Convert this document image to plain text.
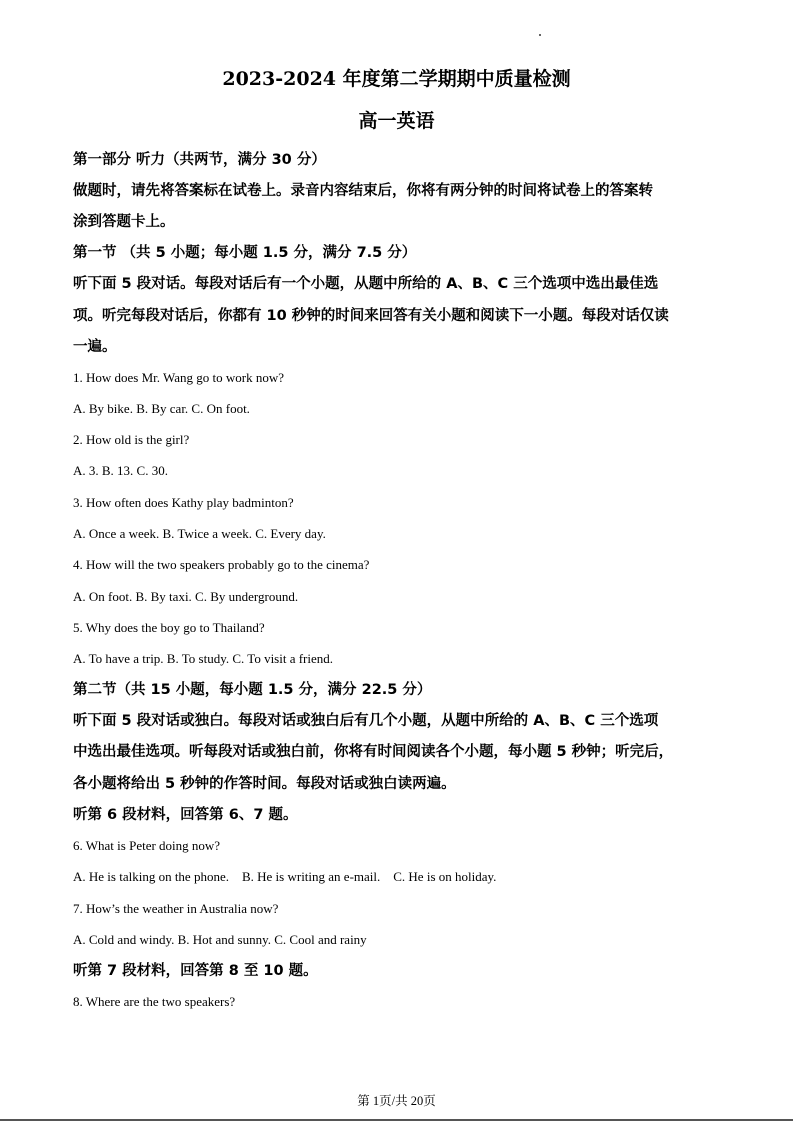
2023-2024 年度第二学期期中质量检测
高一英语
第一部分 听力（共两节，满分 30 分）
做题时，请先将答案标在试卷上。录音内容结束后，你将有两分钟的时间将试卷上的答案转
涂到答题卡上。
第一节 （共 5 小题；每小题 1.5 分，满分 7.5 分）
听下面 5 段对话。每段对话后有一个小题，从题中所给的 A、B、C 三个选项中选出最佳选
项。听完每段对话后，你都有 10 秒钟的时间来回答有关小题和阅读下一小题。每段对话仅读
一遍。
1. How does Mr. Wang go to work now?
A. By bike. B. By car. C. On foot.
2. How old is the girl?
A. 3. B. 13. C. 30.
3. How often does Kathy play badminton?
A. Once a week. B. Twice a week. C. Every day.
4. How will the two speakers probably go to the cinema?
A. On foot. B. By taxi. C. By underground.
5. Why does the boy go to Thailand?
A. To have a trip. B. To study. C. To visit a friend.
第二节（共 15 小题，每小题 1.5 分，满分 22.5 分）
听下面 5 段对话或独白。每段对话或独白后有几个小题，从题中所给的 A、B、C 三个选项
中选出最佳选项。听每段对话或独白前，你将有时间阅读各个小题，每小题 5 秒钟；听完后，
各小题将给出 5 秒钟的作答时间。每段对话或独白读两遍。
听第 6 段材料，回答第 6、7 题。
6. What is Peter doing now?
A. He is talking on the phone.    B. He is writing an e-mail.    C. He is on holiday.
7. How’s the weather in Australia now?
A. Cold and windy. B. Hot and sunny. C. Cool and rainy
听第 7 段材料，回答第 8 至 10 题。
8. Where are the two speakers?
第 1页/共 20页
